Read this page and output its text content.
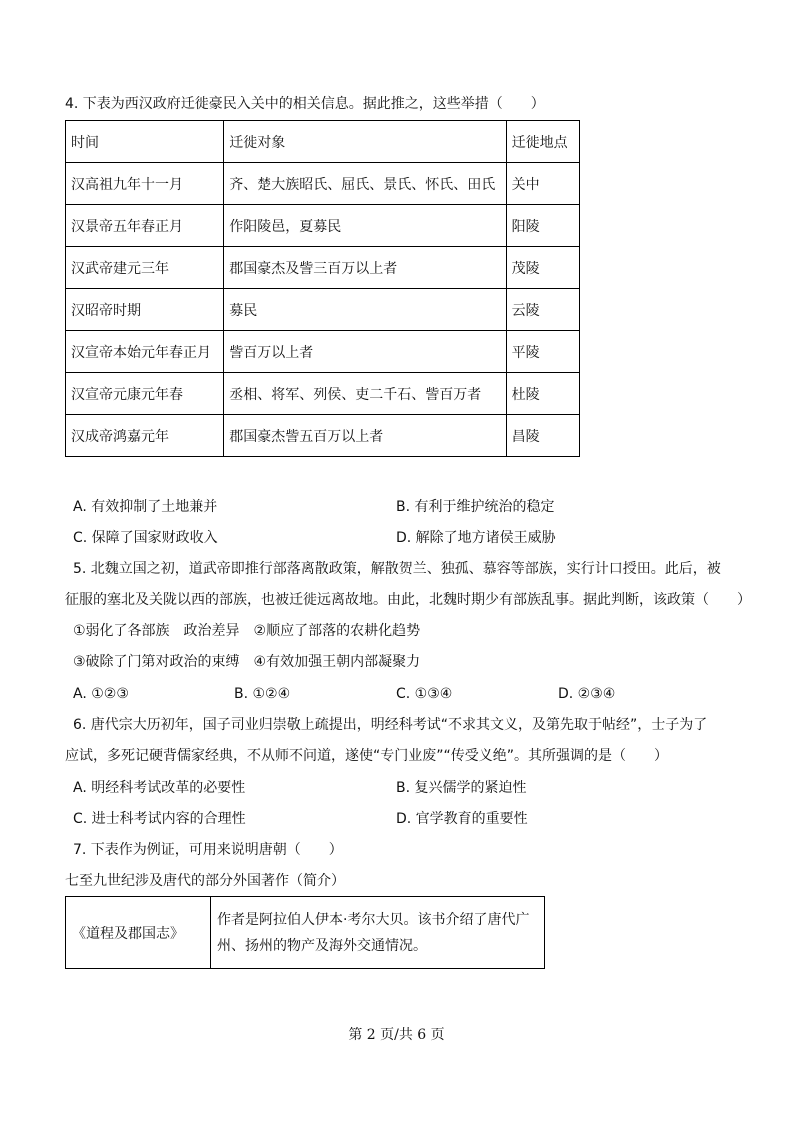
4. 下表为西汉政府迁徙豪民入关中的相关信息。据此推之，这些举措（　　）
时间	迁徙对象	迁徙地点
汉高祖九年十一月	齐、楚大族昭氏、屈氏、景氏、怀氏、田氏	关中
汉景帝五年春正月	作阳陵邑，夏募民	阳陵
汉武帝建元三年	郡国豪杰及訾三百万以上者	茂陵
汉昭帝时期	募民	云陵
汉宣帝本始元年春正月	訾百万以上者	平陵
汉宣帝元康元年春	丞相、将军、列侯、吏二千石、訾百万者	杜陵
汉成帝鸿嘉元年	郡国豪杰訾五百万以上者	昌陵
A. 有效抑制了土地兼并	B. 有利于维护统治的稳定
C. 保障了国家财政收入	D. 解除了地方诸侯王威胁
5. 北魏立国之初，道武帝即推行部落离散政策，解散贺兰、独孤、慕容等部族，实行计口授田。此后，被
征服的塞北及关陇以西的部族，也被迁徙远离故地。由此，北魏时期少有部族乱事。据此判断，该政策（　　）
①弱化了各部族　政治差异　②顺应了部落的农耕化趋势
③破除了门第对政治的束缚　④有效加强王朝内部凝聚力
A. ①②③	B. ①②④	C. ①③④	D. ②③④
6. 唐代宗大历初年，国子司业归崇敬上疏提出，明经科考试“不求其文义，及第先取于帖经”，士子为了
应试，多死记硬背儒家经典，不从师不问道，遂使“专门业废”“传受义绝”。其所强调的是（　　）
A. 明经科考试改革的必要性	B. 复兴儒学的紧迫性
C. 进士科考试内容的合理性	D. 官学教育的重要性
7. 下表作为例证，可用来说明唐朝（　　）
七至九世纪涉及唐代的部分外国著作（简介）
《道程及郡国志》	作者是阿拉伯人伊本·考尔大贝。该书介绍了唐代广州、扬州的物产及海外交通情况。
第 2 页/共 6 页
